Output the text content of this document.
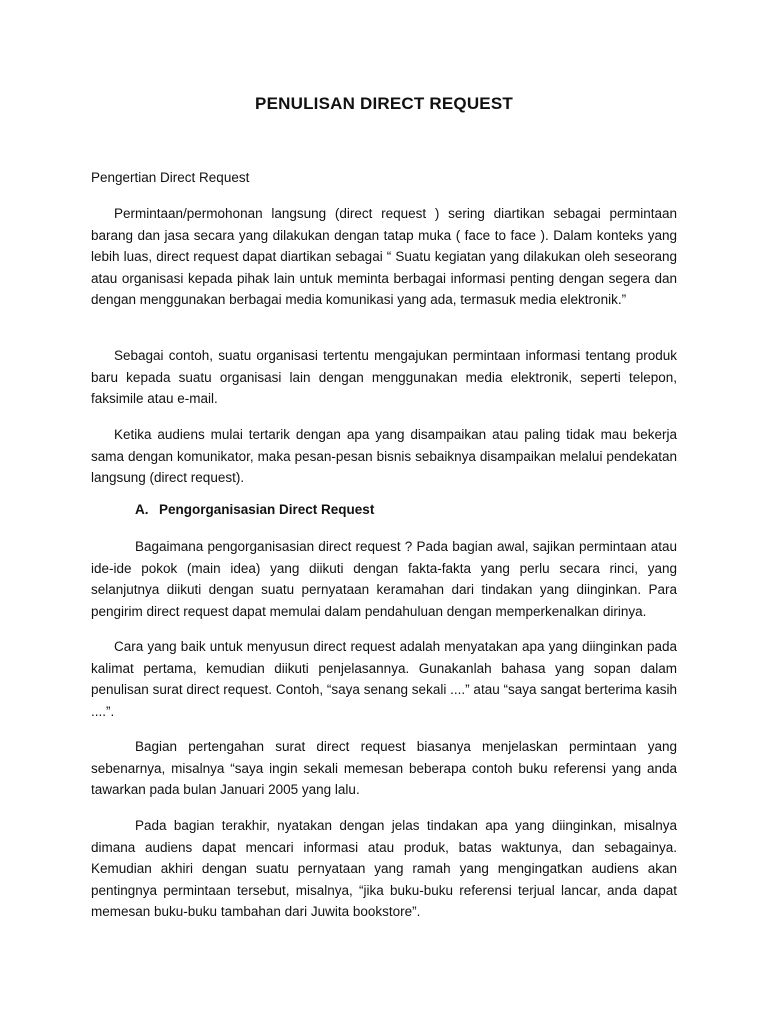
PENULISAN DIRECT REQUEST

Pengertian Direct Request

Permintaan/permohonan langsung (direct request ) sering diartikan sebagai permintaan barang dan jasa secara yang dilakukan dengan tatap muka ( face to face ). Dalam konteks yang lebih luas, direct request dapat diartikan sebagai “ Suatu kegiatan yang dilakukan oleh seseorang atau organisasi kepada pihak lain untuk meminta berbagai informasi penting dengan segera dan dengan menggunakan berbagai media komunikasi yang ada, termasuk media elektronik.”

Sebagai contoh, suatu organisasi tertentu mengajukan permintaan informasi tentang produk baru kepada suatu organisasi lain dengan menggunakan media elektronik, seperti telepon, faksimile atau e-mail.

Ketika audiens mulai tertarik dengan apa yang disampaikan atau paling tidak mau bekerja sama dengan komunikator, maka pesan-pesan bisnis sebaiknya disampaikan melalui pendekatan langsung (direct request).

A. Pengorganisasian Direct Request

Bagaimana pengorganisasian direct request ? Pada bagian awal, sajikan permintaan atau ide-ide pokok (main idea) yang diikuti dengan fakta-fakta yang perlu secara rinci, yang selanjutnya diikuti dengan suatu pernyataan keramahan dari tindakan yang diinginkan. Para pengirim direct request dapat memulai dalam pendahuluan dengan memperkenalkan dirinya.

Cara yang baik untuk menyusun direct request adalah menyatakan apa yang diinginkan pada kalimat pertama, kemudian diikuti penjelasannya. Gunakanlah bahasa yang sopan dalam penulisan surat direct request. Contoh, “saya senang sekali ....” atau “saya sangat berterima kasih ....”.

Bagian pertengahan surat direct request biasanya menjelaskan permintaan yang sebenarnya, misalnya “saya ingin sekali memesan beberapa contoh buku referensi yang anda tawarkan pada bulan Januari 2005 yang lalu.

Pada bagian terakhir, nyatakan dengan jelas tindakan apa yang diinginkan, misalnya dimana audiens dapat mencari informasi atau produk, batas waktunya, dan sebagainya. Kemudian akhiri dengan suatu pernyataan yang ramah yang mengingatkan audiens akan pentingnya permintaan tersebut, misalnya, “jika buku-buku referensi terjual lancar, anda dapat memesan buku-buku tambahan dari Juwita bookstore”.
